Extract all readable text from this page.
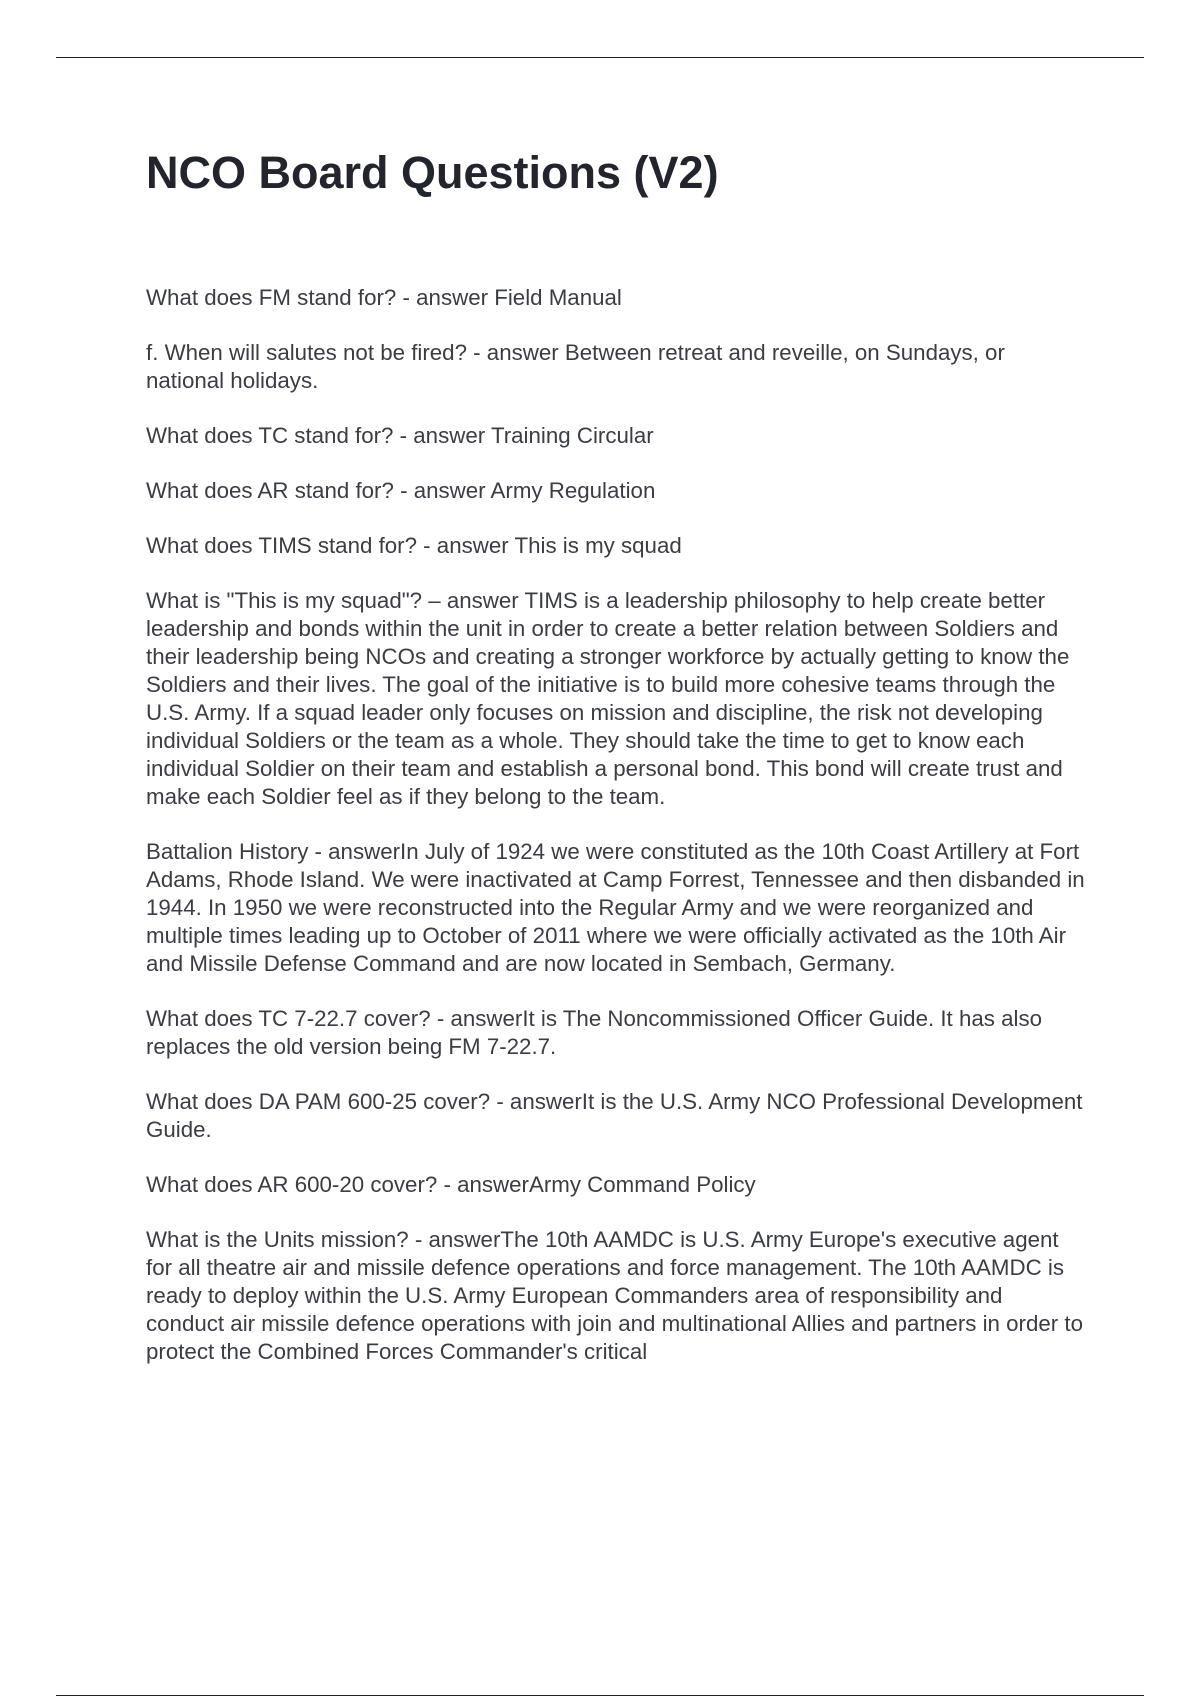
NCO Board Questions (V2)

What does FM stand for? - answer Field Manual

f. When will salutes not be fired? - answer Between retreat and reveille, on Sundays, or national holidays.

What does TC stand for? - answer Training Circular

What does AR stand for? - answer Army Regulation

What does TIMS stand for? - answer This is my squad

What is "This is my squad"? – answer TIMS is a leadership philosophy to help create better leadership and bonds within the unit in order to create a better relation between Soldiers and their leadership being NCOs and creating a stronger workforce by actually getting to know the Soldiers and their lives. The goal of the initiative is to build more cohesive teams through the U.S. Army. If a squad leader only focuses on mission and discipline, the risk not developing individual Soldiers or the team as a whole. They should take the time to get to know each individual Soldier on their team and establish a personal bond. This bond will create trust and make each Soldier feel as if they belong to the team.

Battalion History - answerIn July of 1924 we were constituted as the 10th Coast Artillery at Fort Adams, Rhode Island. We were inactivated at Camp Forrest, Tennessee and then disbanded in 1944. In 1950 we were reconstructed into the Regular Army and we were reorganized and multiple times leading up to October of 2011 where we were officially activated as the 10th Air and Missile Defense Command and are now located in Sembach, Germany.

What does TC 7-22.7 cover? - answerIt is The Noncommissioned Officer Guide. It has also replaces the old version being FM 7-22.7.

What does DA PAM 600-25 cover? - answerIt is the U.S. Army NCO Professional Development Guide.

What does AR 600-20 cover? - answerArmy Command Policy

What is the Units mission? - answerThe 10th AAMDC is U.S. Army Europe's executive agent for all theatre air and missile defence operations and force management. The 10th AAMDC is ready to deploy within the U.S. Army European Commanders area of responsibility and conduct air missile defence operations with join and multinational Allies and partners in order to protect the Combined Forces Commander's critical
